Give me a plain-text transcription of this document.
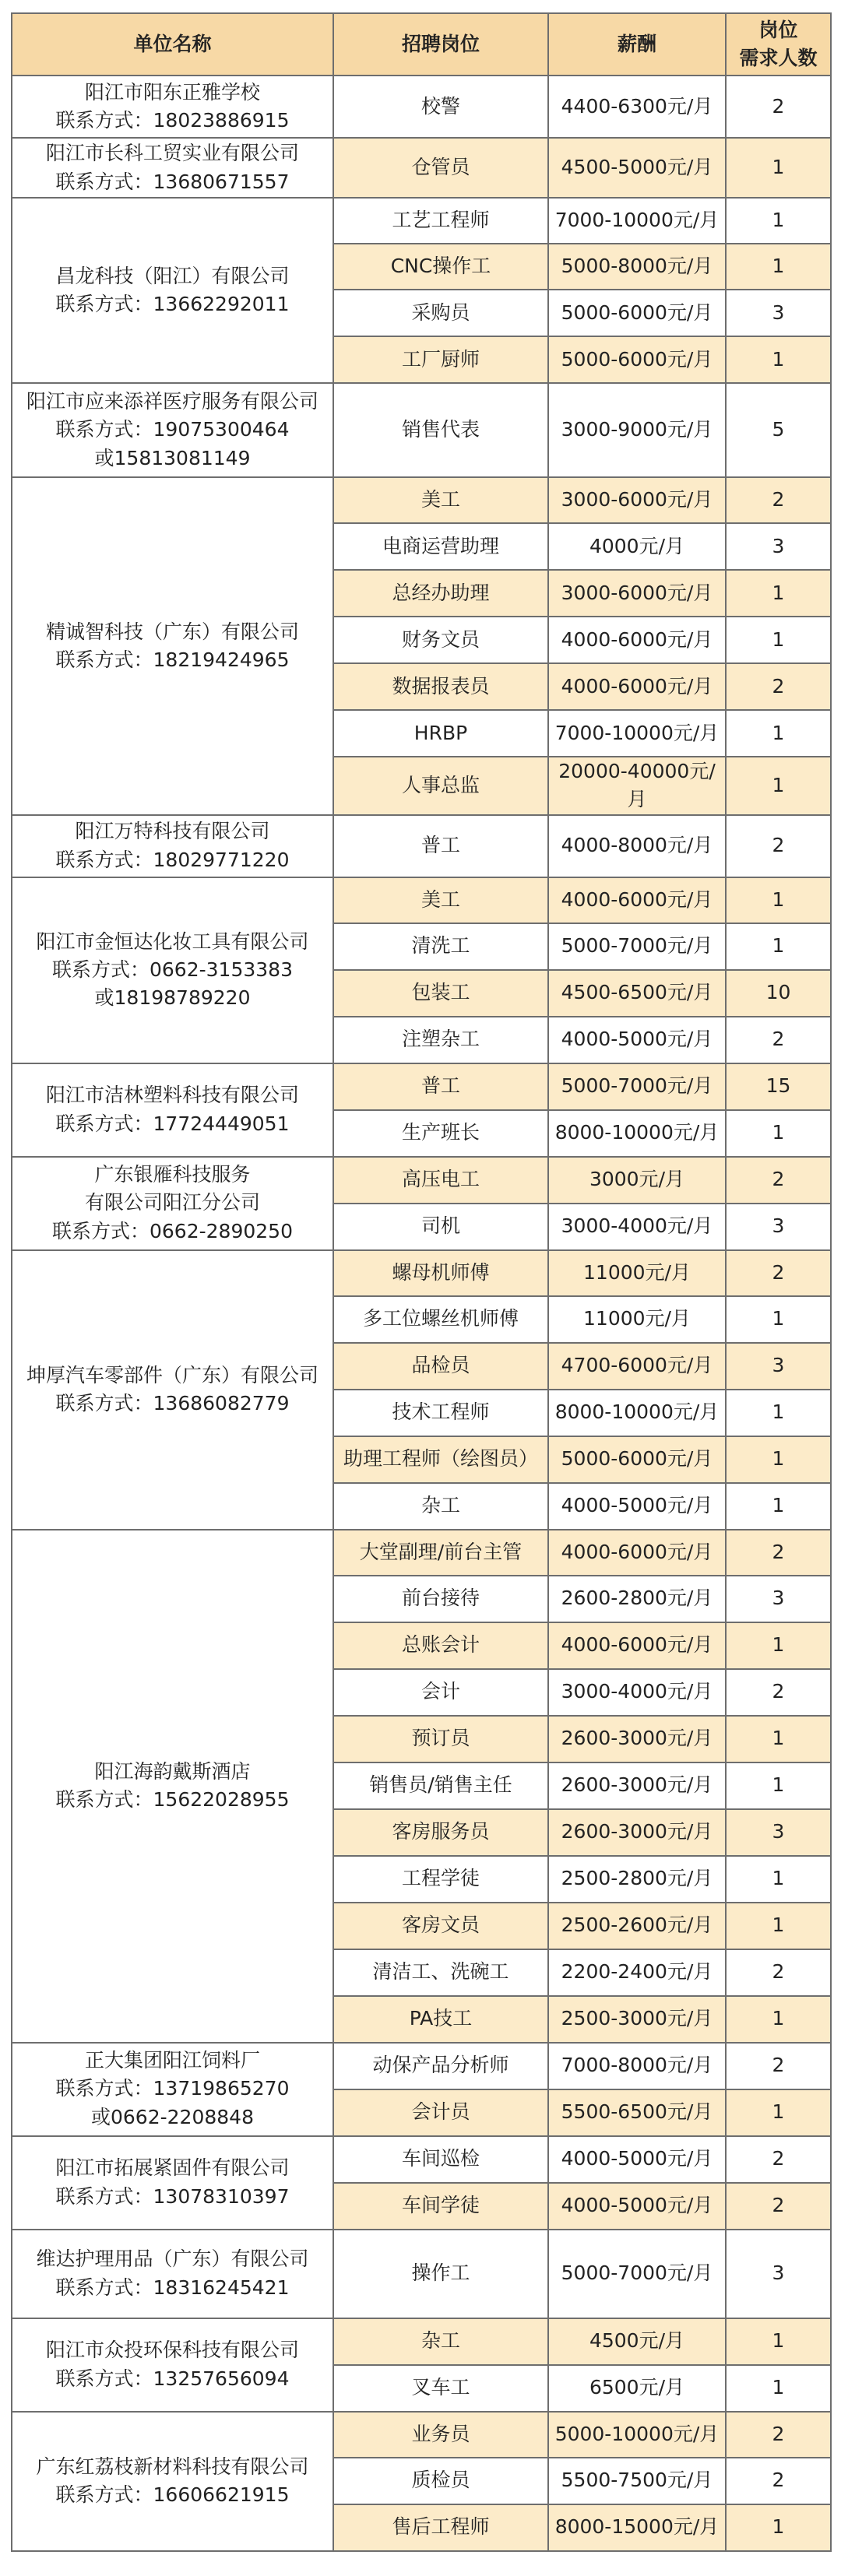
单位名称	招聘岗位	薪酬	岗位
需求人数

阳江市阳东正雅学校
联系方式：18023886915	校警	4400-6300元/月	2

阳江市长科工贸实业有限公司
联系方式：13680671557	仓管员	4500-5000元/月	1

昌龙科技（阳江）有限公司
联系方式：13662292011	工艺工程师	7000-10000元/月	1
	CNC操作工	5000-8000元/月	1
	采购员	5000-6000元/月	3
	工厂厨师	5000-6000元/月	1

阳江市应来添祥医疗服务有限公司
联系方式：19075300464
或15813081149	销售代表	3000-9000元/月	5

精诚智科技（广东）有限公司
联系方式：18219424965	美工	3000-6000元/月	2
	电商运营助理	4000元/月	3
	总经办助理	3000-6000元/月	1
	财务文员	4000-6000元/月	1
	数据报表员	4000-6000元/月	2
	HRBP	7000-10000元/月	1
	人事总监	20000-40000元/月	1

阳江万特科技有限公司
联系方式：18029771220	普工	4000-8000元/月	2

阳江市金恒达化妆工具有限公司
联系方式：0662-3153383
或18198789220	美工	4000-6000元/月	1
	清洗工	5000-7000元/月	1
	包装工	4500-6500元/月	10
	注塑杂工	4000-5000元/月	2

阳江市洁林塑料科技有限公司
联系方式：17724449051	普工	5000-7000元/月	15
	生产班长	8000-10000元/月	1

广东银雁科技服务
有限公司阳江分公司
联系方式：0662-2890250	高压电工	3000元/月	2
	司机	3000-4000元/月	3

坤厚汽车零部件（广东）有限公司
联系方式：13686082779	螺母机师傅	11000元/月	2
	多工位螺丝机师傅	11000元/月	1
	品检员	4700-6000元/月	3
	技术工程师	8000-10000元/月	1
	助理工程师（绘图员）	5000-6000元/月	1
	杂工	4000-5000元/月	1

阳江海韵戴斯酒店
联系方式：15622028955	大堂副理/前台主管	4000-6000元/月	2
	前台接待	2600-2800元/月	3
	总账会计	4000-6000元/月	1
	会计	3000-4000元/月	2
	预订员	2600-3000元/月	1
	销售员/销售主任	2600-3000元/月	1
	客房服务员	2600-3000元/月	3
	工程学徒	2500-2800元/月	1
	客房文员	2500-2600元/月	1
	清洁工、洗碗工	2200-2400元/月	2
	PA技工	2500-3000元/月	1

正大集团阳江饲料厂
联系方式：13719865270
或0662-2208848	动保产品分析师	7000-8000元/月	2
	会计员	5500-6500元/月	1

阳江市拓展紧固件有限公司
联系方式：13078310397	车间巡检	4000-5000元/月	2
	车间学徒	4000-5000元/月	2

维达护理用品（广东）有限公司
联系方式：18316245421	操作工	5000-7000元/月	3

阳江市众投环保科技有限公司
联系方式：13257656094	杂工	4500元/月	1
	叉车工	6500元/月	1

广东红荔枝新材料科技有限公司
联系方式：16606621915	业务员	5000-10000元/月	2
	质检员	5500-7500元/月	2
	售后工程师	8000-15000元/月	1
